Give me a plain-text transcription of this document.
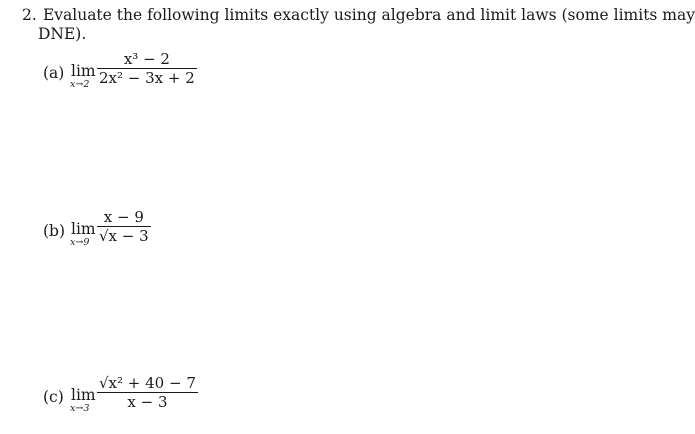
2. Evaluate the following limits exactly using algebra and limit laws (some limits may
DNE).
(a) lim
x→2
x³ − 2
2x² − 3x + 2
(b) lim
x→9
x − 9
√x − 3
(c) lim
x→3
√x² + 40 − 7
x − 3
